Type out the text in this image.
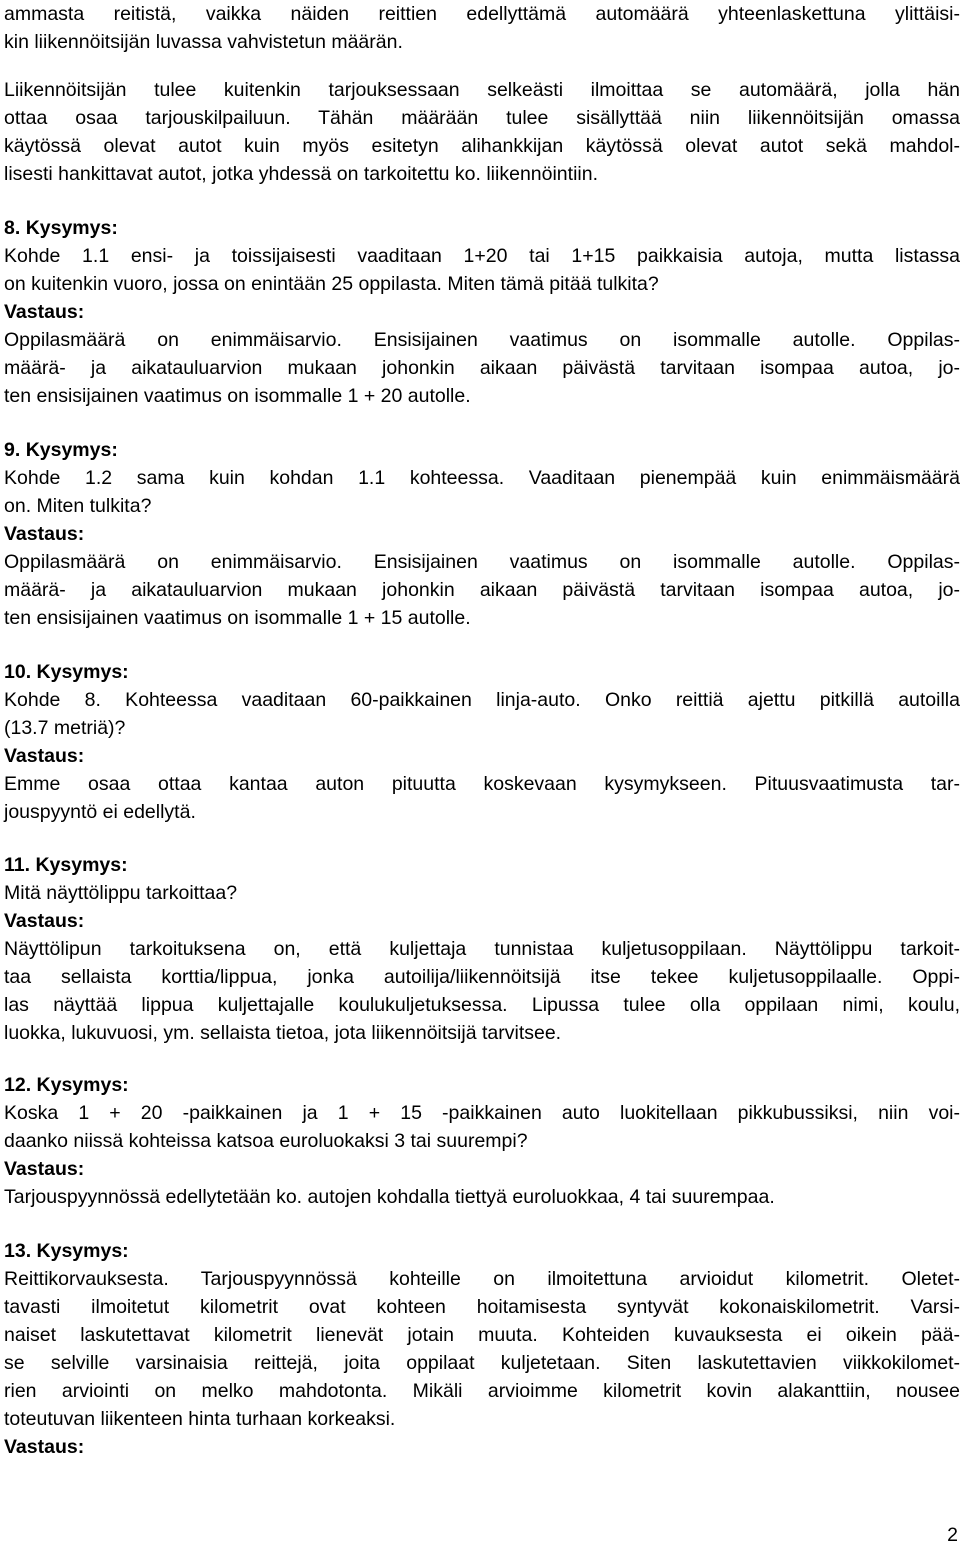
ammasta reitistä, vaikka näiden reittien edellyttämä automäärä yhteenlaskettuna ylittäisi-
kin liikennöitsijän luvassa vahvistetun määrän.
Liikennöitsijän tulee kuitenkin tarjouksessaan selkeästi ilmoittaa se automäärä, jolla hän
ottaa osaa tarjouskilpailuun. Tähän määrään tulee sisällyttää niin liikennöitsijän omassa
käytössä olevat autot kuin myös esitetyn alihankkijan käytössä olevat autot sekä mahdol-
lisesti hankittavat autot, jotka yhdessä on tarkoitettu ko. liikennöintiin.
8. Kysymys:
Kohde 1.1 ensi- ja toissijaisesti vaaditaan 1+20 tai 1+15 paikkaisia autoja, mutta listassa
on kuitenkin vuoro, jossa on enintään 25 oppilasta. Miten tämä pitää tulkita?
Vastaus:
Oppilasmäärä on enimmäisarvio. Ensisijainen vaatimus on isommalle autolle. Oppilas-
määrä- ja aikatauluarvion mukaan johonkin aikaan päivästä tarvitaan isompaa autoa, jo-
ten ensisijainen vaatimus on isommalle 1 + 20 autolle.
9. Kysymys:
Kohde 1.2 sama kuin kohdan 1.1 kohteessa. Vaaditaan pienempää kuin enimmäismäärä
on. Miten tulkita?
Vastaus:
Oppilasmäärä on enimmäisarvio. Ensisijainen vaatimus on isommalle autolle. Oppilas-
määrä- ja aikatauluarvion mukaan johonkin aikaan päivästä tarvitaan isompaa autoa, jo-
ten ensisijainen vaatimus on isommalle 1 + 15 autolle.
10. Kysymys:
Kohde 8. Kohteessa vaaditaan 60-paikkainen linja-auto. Onko reittiä ajettu pitkillä autoilla
(13.7 metriä)?
Vastaus:
Emme osaa ottaa kantaa auton pituutta koskevaan kysymykseen. Pituusvaatimusta tar-
jouspyyntö ei edellytä.
11. Kysymys:
Mitä näyttölippu tarkoittaa?
Vastaus:
Näyttölipun tarkoituksena on, että kuljettaja tunnistaa kuljetusoppilaan. Näyttölippu tarkoit-
taa sellaista korttia/lippua, jonka autoilija/liikennöitsijä itse tekee kuljetusoppilaalle. Oppi-
las näyttää lippua kuljettajalle koulukuljetuksessa. Lipussa tulee olla oppilaan nimi, koulu,
luokka, lukuvuosi, ym. sellaista tietoa, jota liikennöitsijä tarvitsee.
12. Kysymys:
Koska 1 + 20 -paikkainen ja 1 + 15 -paikkainen auto luokitellaan pikkubussiksi, niin voi-
daanko niissä kohteissa katsoa euroluokaksi 3 tai suurempi?
Vastaus:
Tarjouspyynnössä edellytetään ko. autojen kohdalla tiettyä euroluokkaa, 4 tai suurempaa.
13. Kysymys:
Reittikorvauksesta. Tarjouspyynnössä kohteille on ilmoitettuna arvioidut kilometrit. Oletet-
tavasti ilmoitetut kilometrit ovat kohteen hoitamisesta syntyvät kokonaiskilometrit. Varsi-
naiset laskutettavat kilometrit lienevät jotain muuta. Kohteiden kuvauksesta ei oikein pää-
se selville varsinaisia reittejä, joita oppilaat kuljetetaan. Siten laskutettavien viikkokilomet-
rien arviointi on melko mahdotonta. Mikäli arvioimme kilometrit kovin alakanttiin, nousee
toteutuvan liikenteen hinta turhaan korkeaksi.
Vastaus:
2
